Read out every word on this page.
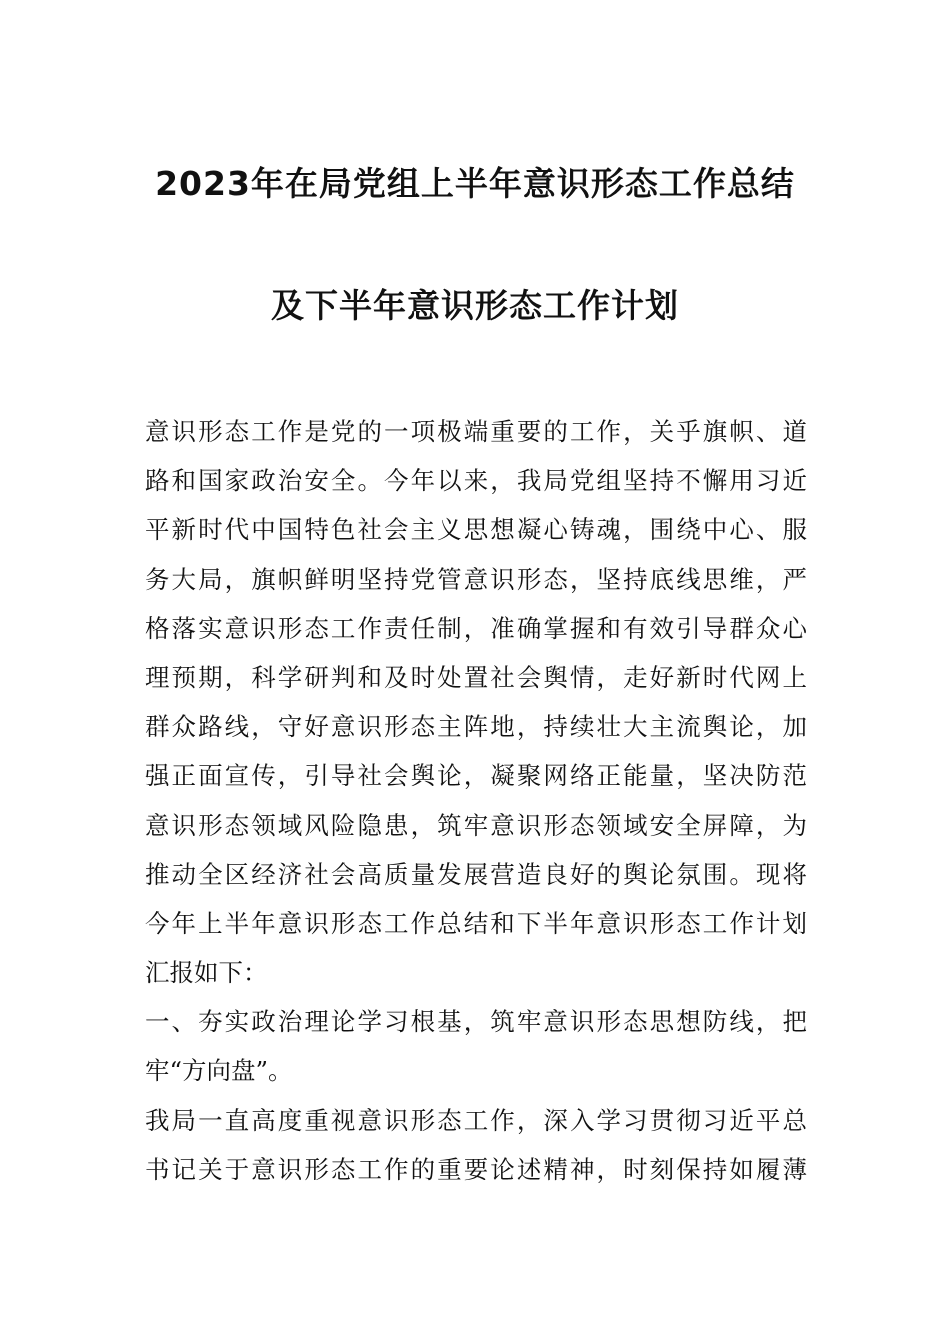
2023年在局党组上半年意识形态工作总结
及下半年意识形态工作计划
意识形态工作是党的一项极端重要的工作，关乎旗帜、道
路和国家政治安全。今年以来，我局党组坚持不懈用习近
平新时代中国特色社会主义思想凝心铸魂，围绕中心、服
务大局，旗帜鲜明坚持党管意识形态，坚持底线思维，严
格落实意识形态工作责任制，准确掌握和有效引导群众心
理预期，科学研判和及时处置社会舆情，走好新时代网上
群众路线，守好意识形态主阵地，持续壮大主流舆论，加
强正面宣传，引导社会舆论，凝聚网络正能量，坚决防范
意识形态领域风险隐患，筑牢意识形态领域安全屏障，为
推动全区经济社会高质量发展营造良好的舆论氛围。现将
今年上半年意识形态工作总结和下半年意识形态工作计划
汇报如下：
一、夯实政治理论学习根基，筑牢意识形态思想防线，把
牢“方向盘”。
我局一直高度重视意识形态工作，深入学习贯彻习近平总
书记关于意识形态工作的重要论述精神，时刻保持如履薄
